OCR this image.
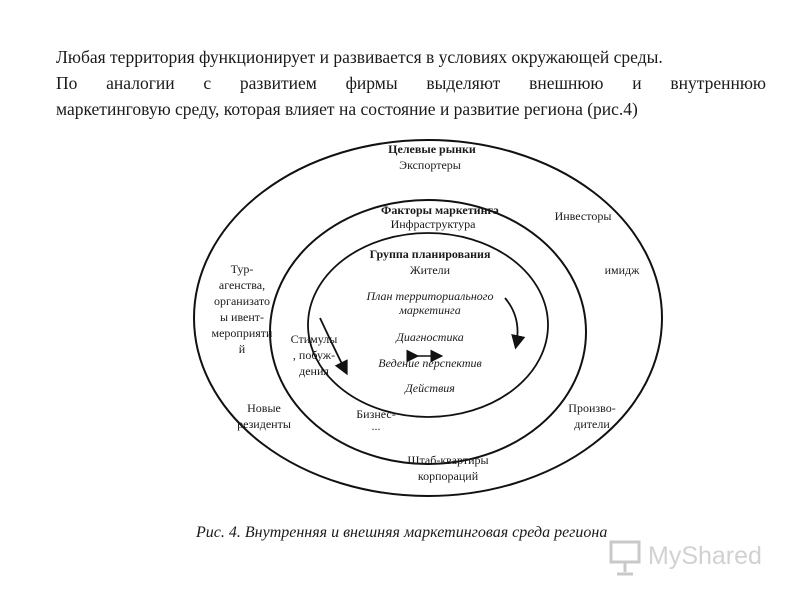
Любая территория функционирует и развивается в условиях окружающей среды.

По аналогии с развитием фирмы выделяют внешнюю и внутреннюю

маркетинговую среду, которая влияет на состояние и развитие региона (рис.4)

Целевые рынки
Экспортеры
Факторы маркетинга
Инфраструктура
Группа планирования
Жители
План территориального
маркетинга
Диагностика
Ведение перспектив
Действия
Инвесторы
имидж
Тур-
агенства,
организато
ы ивент-
мероприяти
й
Стимулы
, побуж-
дения
Новые
резиденты
Бизнес-
...
Произво-
дители
Штаб-квартиры
корпораций
Рис. 4. Внутренняя и внешняя маркетинговая среда региона
MyShared
